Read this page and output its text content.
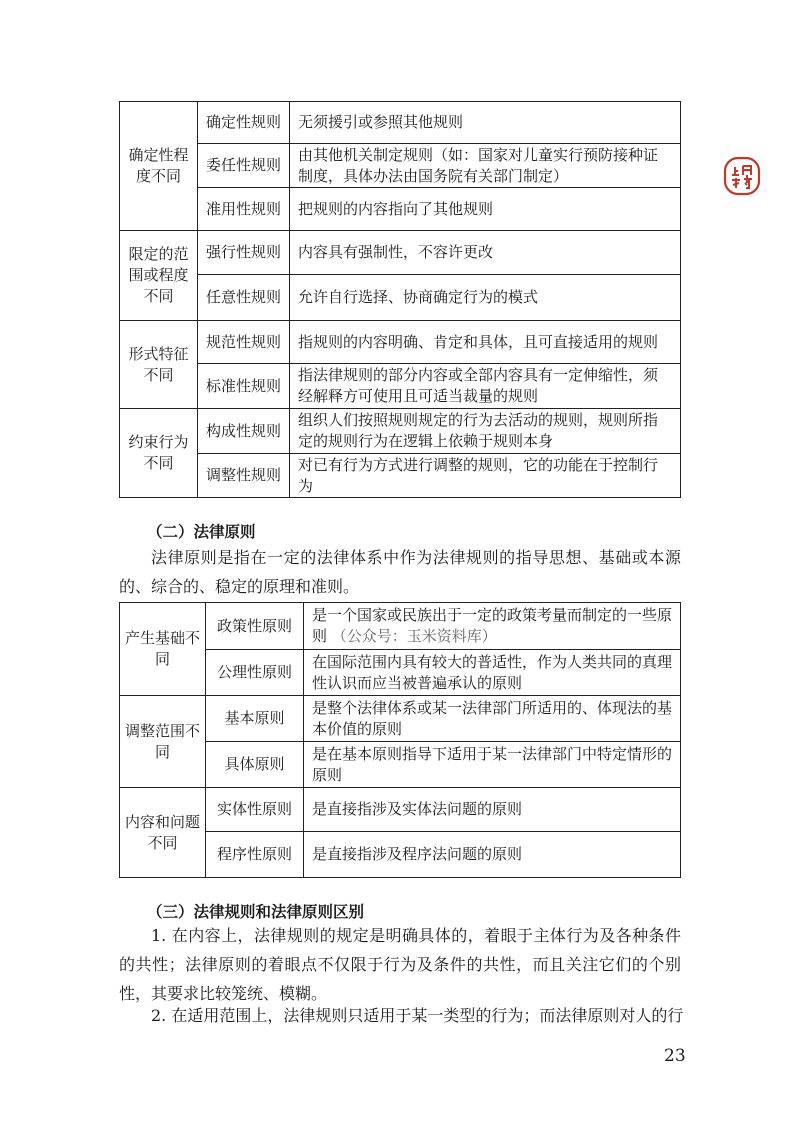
确定性程度不同	确定性规则	无须援引或参照其他规则
	委任性规则	由其他机关制定规则（如：国家对儿童实行预防接种证制度，具体办法由国务院有关部门制定）
	准用性规则	把规则的内容指向了其他规则
限定的范围或程度不同	强行性规则	内容具有强制性，不容许更改
	任意性规则	允许自行选择、协商确定行为的模式
形式特征不同	规范性规则	指规则的内容明确、肯定和具体，且可直接适用的规则
	标准性规则	指法律规则的部分内容或全部内容具有一定伸缩性，须经解释方可使用且可适当裁量的规则
约束行为不同	构成性规则	组织人们按照规则规定的行为去活动的规则，规则所指定的规则行为在逻辑上依赖于规则本身
	调整性规则	对已有行为方式进行调整的规则，它的功能在于控制行为
（二）法律原则
法律原则是指在一定的法律体系中作为法律规则的指导思想、基础或本源的、综合的、稳定的原理和准则。
产生基础不同	政策性原则	是一个国家或民族出于一定的政策考量而制定的一些原则 （公众号：玉米资料库）
	公理性原则	在国际范围内具有较大的普适性，作为人类共同的真理性认识而应当被普遍承认的原则
调整范围不同	基本原则	是整个法律体系或某一法律部门所适用的、体现法的基本价值的原则
	具体原则	是在基本原则指导下适用于某一法律部门中特定情形的原则
内容和问题不同	实体性原则	是直接指涉及实体法问题的原则
	程序性原则	是直接指涉及程序法问题的原则
（三）法律规则和法律原则区别
1. 在内容上，法律规则的规定是明确具体的，着眼于主体行为及各种条件的共性；法律原则的着眼点不仅限于行为及条件的共性，而且关注它们的个别性，其要求比较笼统、模糊。
2. 在适用范围上，法律规则只适用于某一类型的行为；而法律原则对人的行
23
